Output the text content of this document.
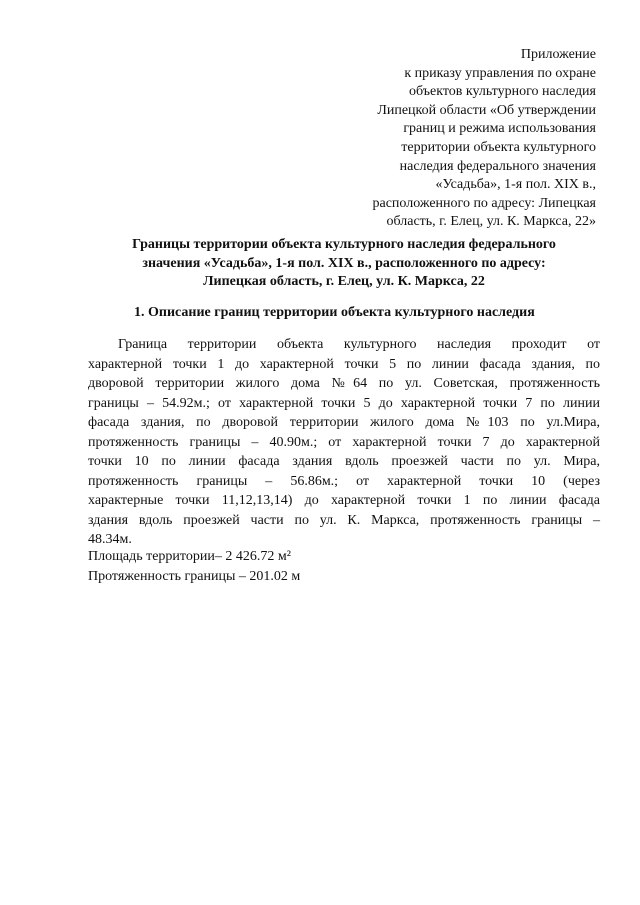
Приложение
к приказу управления по охране
объектов культурного наследия
Липецкой области «Об утверждении
границ и режима использования
территории объекта культурного
наследия федерального значения
«Усадьба», 1-я пол. XIX в.,
расположенного по адресу: Липецкая
область, г. Елец, ул. К. Маркса, 22»
Границы территории объекта культурного наследия федерального
значения «Усадьба», 1-я пол. XIX в., расположенного по адресу:
Липецкая область, г. Елец, ул. К. Маркса, 22
1. Описание границ территории объекта культурного наследия
Граница территории объекта культурного наследия проходит от
характерной точки 1 до характерной точки 5 по линии фасада здания, по
дворовой территории жилого дома №64 по ул. Советская, протяженность
границы – 54.92м.; от характерной точки 5 до характерной точки 7 по линии
фасада здания, по дворовой территории жилого дома №103 по ул.Мира,
протяженность границы – 40.90м.; от характерной точки 7 до характерной
точки 10 по линии фасада здания вдоль проезжей части по ул. Мира,
протяженность границы – 56.86м.; от характерной точки 10 (через
характерные точки 11,12,13,14) до характерной точки 1 по линии фасада
здания вдоль проезжей части по ул. К. Маркса, протяженность границы –
48.34м.
Площадь территории– 2 426.72 м²
Протяженность границы – 201.02 м
